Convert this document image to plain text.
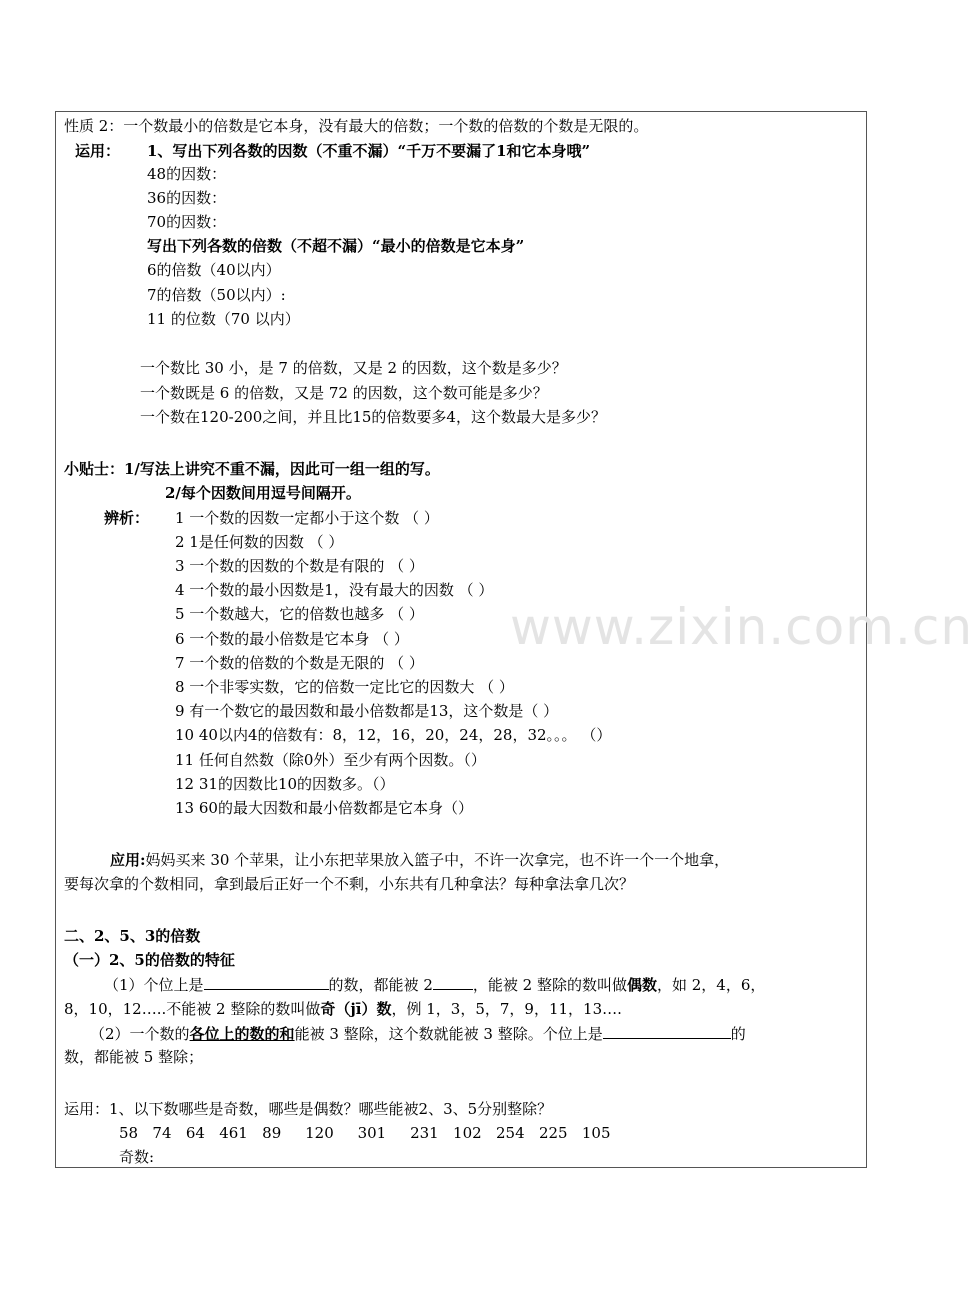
www.zixin.com.cn
性质 2：一个数最小的倍数是它本身，没有最大的倍数；一个数的倍数的个数是无限的。
运用： 1、写出下列各数的因数（不重不漏）“千万不要漏了1和它本身哦”
48的因数：
36的因数：
70的因数：
写出下列各数的倍数（不超不漏）“最小的倍数是它本身”
6的倍数（40以内）
7的倍数（50以内）:
11 的位数（70 以内）
一个数比 30 小，是 7 的倍数，又是 2 的因数，这个数是多少？
一个数既是 6 的倍数，又是 72 的因数，这个数可能是多少？
一个数在120-200之间，并且比15的倍数要多4，这个数最大是多少？
小贴士：1/写法上讲究不重不漏，因此可一组一组的写。
2/每个因数间用逗号间隔开。
辨析： 1 一个数的因数一定都小于这个数 （ ）
2 1是任何数的因数 （ ）
3 一个数的因数的个数是有限的 （ ）
4 一个数的最小因数是1，没有最大的因数 （ ）
5 一个数越大，它的倍数也越多 （ ）
6 一个数的最小倍数是它本身 （ ）
7 一个数的倍数的个数是无限的 （ ）
8 一个非零实数，它的倍数一定比它的因数大 （ ）
9 有一个数它的最因数和最小倍数都是13，这个数是（ ）
10 40以内4的倍数有：8，12，16，20，24，28，32。。。 （）
11 任何自然数（除0外）至少有两个因数。（）
12 31的因数比10的因数多。（）
13 60的最大因数和最小倍数都是它本身（）
应用:妈妈买来 30 个苹果，让小东把苹果放入篮子中，不许一次拿完，也不许一个一个地拿，
要每次拿的个数相同，拿到最后正好一个不剩，小东共有几种拿法？每种拿法拿几次？
二、2、5、3的倍数
（一）2、5的倍数的特征
（1）个位上是	的数，都能被 2	，能被 2 整除的数叫做偶数，如 2，4，6，
8，10，12…..不能被 2 整除的数叫做奇（jī）数，例 1，3，5，7，9，11，13….
（2）一个数的各位上的数的和能被 3 整除，这个数就能被 3 整除。个位上是	的
数，都能被 5 整除；
运用：1、以下数哪些是奇数，哪些是偶数？哪些能被2、3、5分别整除？
58 74 64 461 89 120 301 231 102 254 225 105
奇数:
